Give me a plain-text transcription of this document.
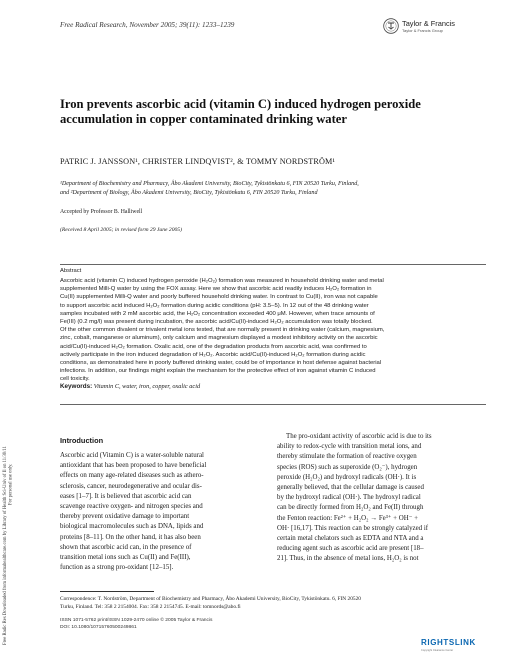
Free Radical Research, November 2005; 39(11): 1233–1239	Taylor & Francis
Taylor & Francis Group
Free Radic Res Downloaded from informahealthcare.com by Library of Health Sci-Univ of Il on 11/30/11 For personal use only.
Iron prevents ascorbic acid (vitamin C) induced hydrogen peroxide
accumulation in copper contaminated drinking water
PATRIC J. JANSSON¹, CHRISTER LINDQVIST², & TOMMY NORDSTRÖM¹
¹Department of Biochemistry and Pharmacy, Åbo Akademi University, BioCity, Tykistönkatu 6, FIN 20520 Turku, Finland,
and ²Department of Biology, Åbo Akademi University, BioCity, Tykistönkatu 6, FIN 20520 Turku, Finland
Accepted by Professor B. Halliwell
(Received 8 April 2005; in revised form 29 June 2005)
Abstract
Ascorbic acid (vitamin C) induced hydrogen peroxide (H₂O₂) formation was measured in household drinking water and metal
supplemented Milli-Q water by using the FOX assay. Here we show that ascorbic acid readily induces H₂O₂ formation in
Cu(II) supplemented Milli-Q water and poorly buffered household drinking water. In contrast to Cu(II), iron was not capable
to support ascorbic acid induced H₂O₂ formation during acidic conditions (pH: 3.5–5). In 12 out of the 48 drinking water
samples incubated with 2 mM ascorbic acid, the H₂O₂ concentration exceeded 400 μM. However, when trace amounts of
Fe(III) (0.2 mg/l) was present during incubation, the ascorbic acid/Cu(II)-induced H₂O₂ accumulation was totally blocked.
Of the other common divalent or trivalent metal ions tested, that are normally present in drinking water (calcium, magnesium,
zinc, cobalt, manganese or aluminum), only calcium and magnesium displayed a modest inhibitory activity on the ascorbic
acid/Cu(II)-induced H₂O₂ formation. Oxalic acid, one of the degradation products from ascorbic acid, was confirmed to
actively participate in the iron induced degradation of H₂O₂. Ascorbic acid/Cu(II)-induced H₂O₂ formation during acidic
conditions, as demonstrated here in poorly buffered drinking water, could be of importance in host defense against bacterial
infections. In addition, our findings might explain the mechanism for the protective effect of iron against vitamin C induced
cell toxicity.
Keywords: Vitamin C, water, iron, copper, oxalic acid
Introduction
Ascorbic acid (Vitamin C) is a water-soluble natural
antioxidant that has been proposed to have beneficial
effects on many age-related diseases such as athero-
sclerosis, cancer, neurodegenerative and ocular dis-
eases [1–7]. It is believed that ascorbic acid can
scavenge reactive oxygen- and nitrogen species and
thereby prevent oxidative damage to important
biological macromolecules such as DNA, lipids and
proteins [8–11]. On the other hand, it has also been
shown that ascorbic acid can, in the presence of
transition metal ions such as Cu(II) and Fe(III),
function as a strong pro-oxidant [12–15].
The pro-oxidant activity of ascorbic acid is due to its
ability to redox-cycle with transition metal ions, and
thereby stimulate the formation of reactive oxygen
species (ROS) such as superoxide (O₂⁻), hydrogen
peroxide (H₂O₂) and hydroxyl radicals (OH·). It is
generally believed, that the cellular damage is caused
by the hydroxyl radical (OH·). The hydroxyl radical
can be directly formed from H₂O₂ and Fe(II) through
the Fenton reaction: Fe²⁺ + H₂O₂ → Fe³⁺ + OH⁻ +
OH· [16,17]. This reaction can be strongly catalyzed if
certain metal chelators such as EDTA and NTA and a
reducing agent such as ascorbic acid are present [18–
21]. Thus, in the absence of metal ions, H₂O₂ is not
Correspondence: T. Nordström, Department of Biochemistry and Pharmacy, Åbo Akademi University, BioCity, Tykistönkatu. 6, FIN 20520
Turku, Finland. Tel: 358 2 2154004. Fax: 358 2 2154745. E-mail: tomnords@abo.fi
ISSN 1071-5762 print/ISSN 1029-2470 online © 2005 Taylor & Francis
DOI: 10.1080/10715760500249861
RIGHTSLINK
Copyright Clearance Center
